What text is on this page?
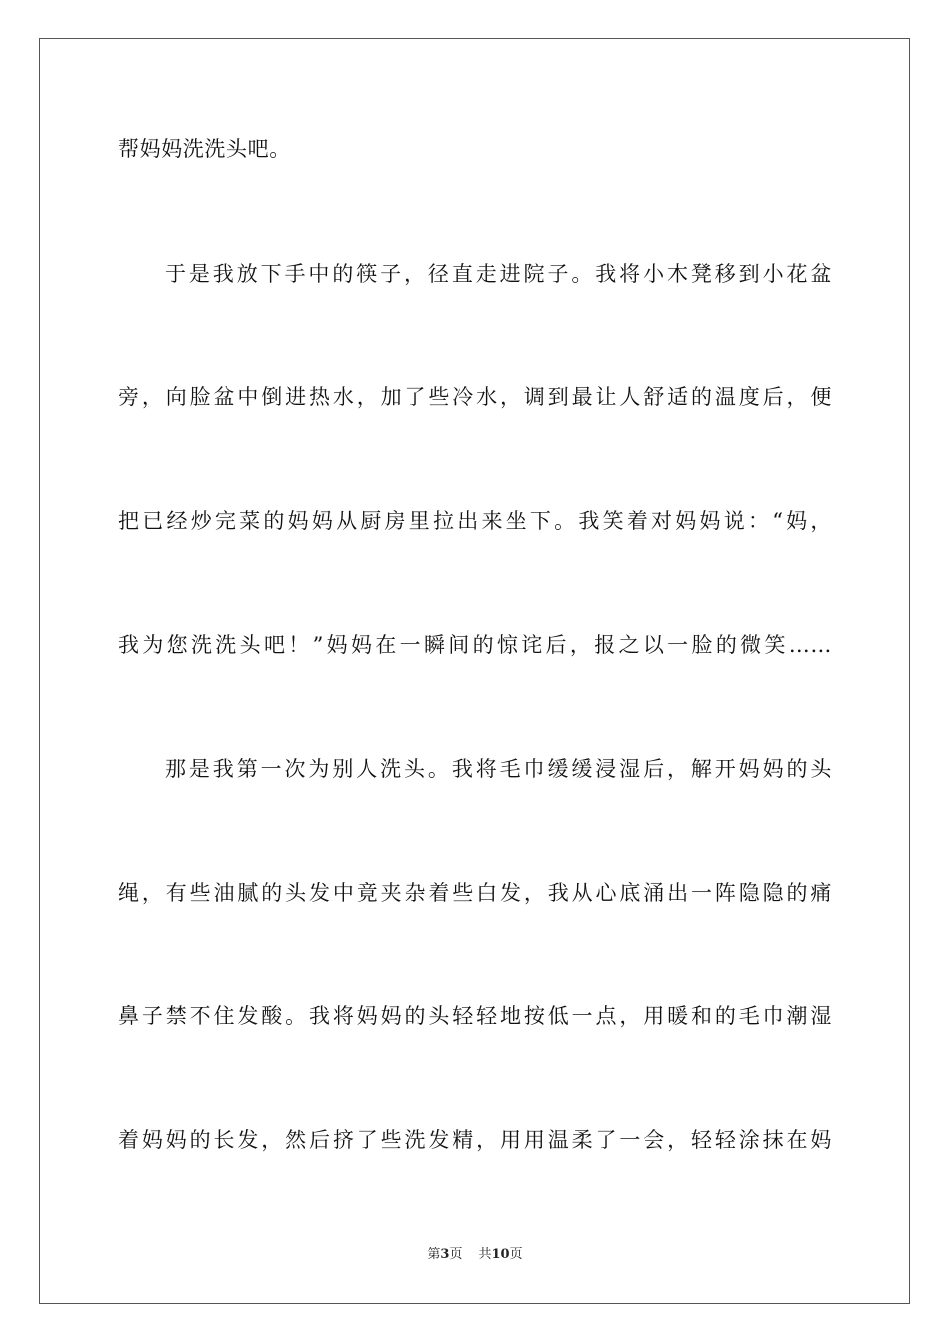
帮妈妈洗洗头吧。
于是我放下手中的筷子，径直走进院子。我将小木凳移到小花盆
旁，向脸盆中倒进热水，加了些冷水，调到最让人舒适的温度后，便
把已经炒完菜的妈妈从厨房里拉出来坐下。我笑着对妈妈说：“妈，
我为您洗洗头吧！”妈妈在一瞬间的惊诧后，报之以一脸的微笑……
那是我第一次为别人洗头。我将毛巾缓缓浸湿后，解开妈妈的头
绳，有些油腻的头发中竟夹杂着些白发，我从心底涌出一阵隐隐的痛
鼻子禁不住发酸。我将妈妈的头轻轻地按低一点，用暖和的毛巾潮湿
着妈妈的长发，然后挤了些洗发精，用用温柔了一会，轻轻涂抹在妈
第3页 共10页
